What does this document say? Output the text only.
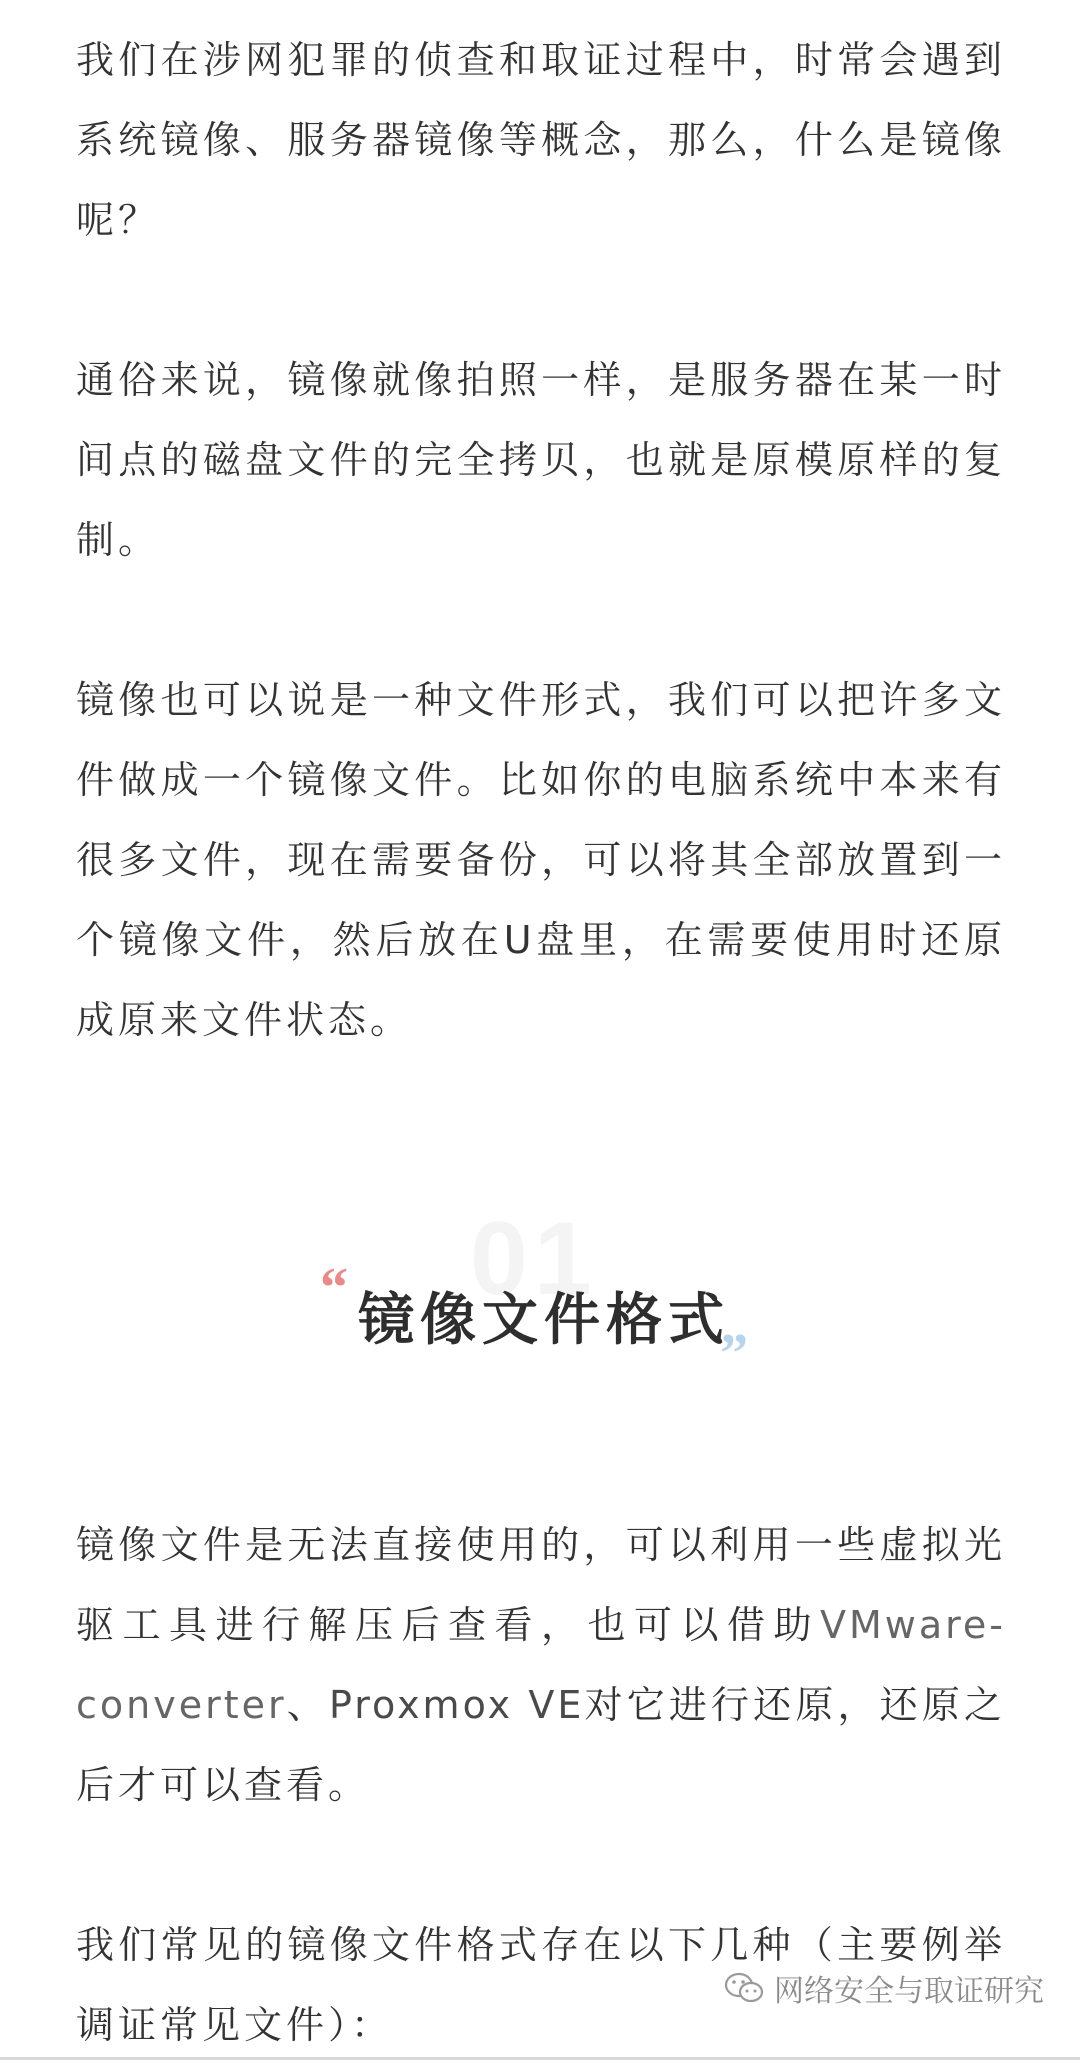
我们在涉网犯罪的侦查和取证过程中，时常会遇到系统镜像、服务器镜像等概念，那么，什么是镜像呢？

通俗来说，镜像就像拍照一样，是服务器在某一时间点的磁盘文件的完全拷贝，也就是原模原样的复制。

镜像也可以说是一种文件形式，我们可以把许多文件做成一个镜像文件。比如你的电脑系统中本来有很多文件，现在需要备份，可以将其全部放置到一个镜像文件，然后放在U盘里，在需要使用时还原成原来文件状态。

01
“ 镜像文件格式
”

镜像文件是无法直接使用的，可以利用一些虚拟光驱工具进行解压后查看，也可以借助VMware-converter、Proxmox VE对它进行还原，还原之后才可以查看。

我们常见的镜像文件格式存在以下几种（主要例举调证常见文件）：

网络安全与取证研究
